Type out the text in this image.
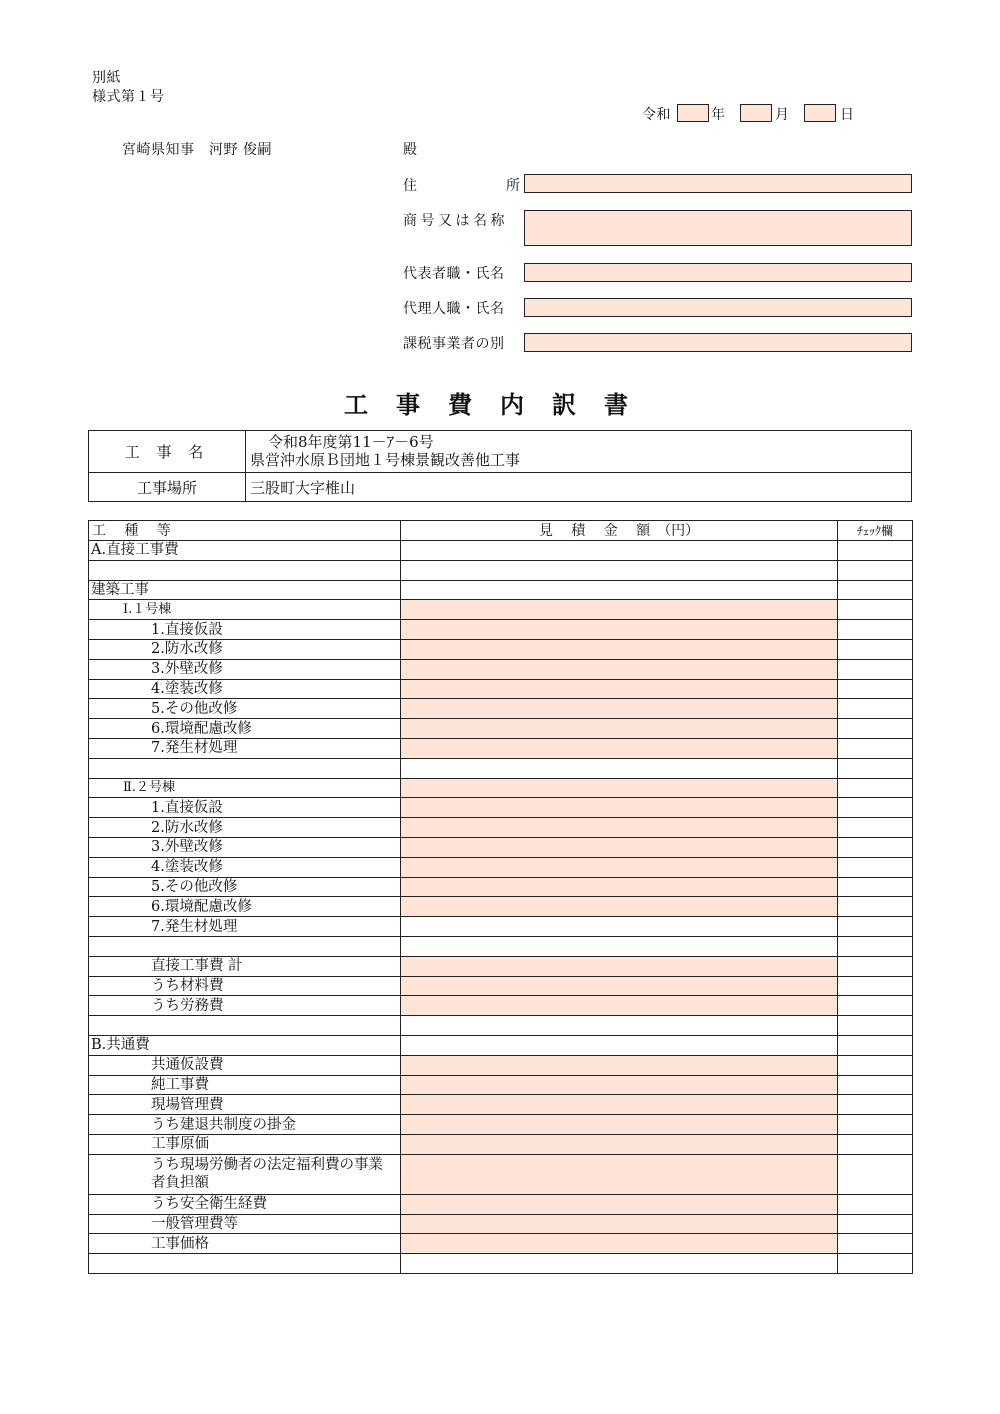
別紙
様式第１号
令和	年	月	日
宮崎県知事　河野 俊嗣	殿
住	所
商号又は名称
代表者職・氏名
代理人職・氏名
課税事業者の別
工事費内訳書
工 事 名	令和8年度第11－ｱ－6号
県営沖水原Ｂ団地１号棟景観改善他工事

工事場所	三股町大字椎山
工　 種　 等	見　 積　 金　 額　（円）	ﾁｪｯｸ欄
A.直接工事費		

建築工事		
Ⅰ.１号棟		
1.直接仮設		
2.防水改修		
3.外壁改修		
4.塗装改修		
5.その他改修		
6.環境配慮改修		
7.発生材処理		

Ⅱ.２号棟		
1.直接仮設		
2.防水改修		
3.外壁改修		
4.塗装改修		
5.その他改修		
6.環境配慮改修		
7.発生材処理		

直接工事費 計		
うち材料費		
うち労務費		

B.共通費		
共通仮設費		
純工事費		
現場管理費		
うち建退共制度の掛金		
工事原価		
うち現場労働者の法定福利費の事業者負担額		
うち安全衛生経費		
一般管理費等		
工事価格		
